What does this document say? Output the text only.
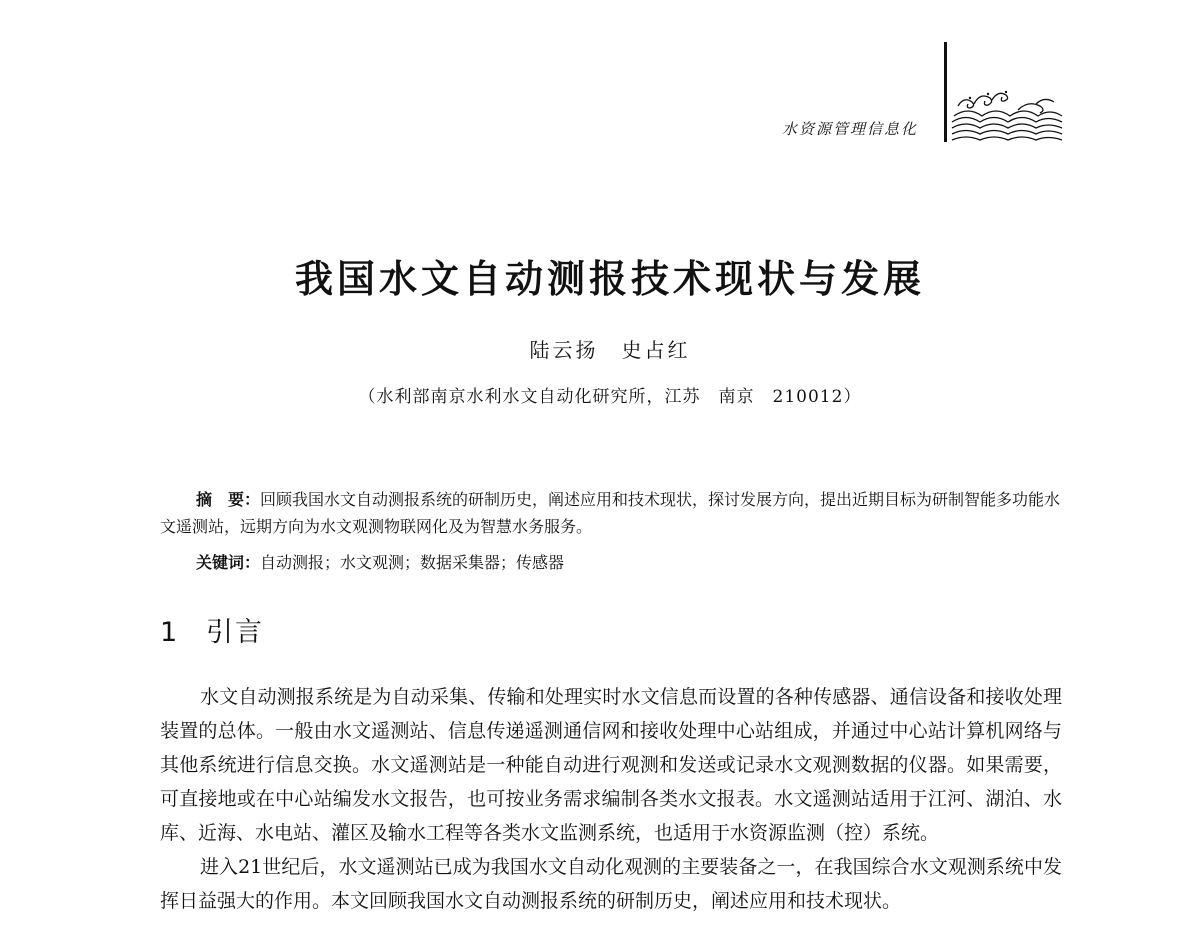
水资源管理信息化
我国水文自动测报技术现状与发展
陆云扬　史占红
（水利部南京水利水文自动化研究所，江苏　南京　210012）
摘　要：回顾我国水文自动测报系统的研制历史，阐述应用和技术现状，探讨发展方向，提出近期目标为研制智能多功能水文遥测站，远期方向为水文观测物联网化及为智慧水务服务。
关键词：自动测报；水文观测；数据采集器；传感器
1 引言

水文自动测报系统是为自动采集、传输和处理实时水文信息而设置的各种传感器、通信设备和接收处理装置的总体。一般由水文遥测站、信息传递遥测通信网和接收处理中心站组成，并通过中心站计算机网络与其他系统进行信息交换。水文遥测站是一种能自动进行观测和发送或记录水文观测数据的仪器。如果需要，可直接地或在中心站编发水文报告，也可按业务需求编制各类水文报表。水文遥测站适用于江河、湖泊、水库、近海、水电站、灌区及输水工程等各类水文监测系统，也适用于水资源监测（控）系统。

进入21世纪后，水文遥测站已成为我国水文自动化观测的主要装备之一，在我国综合水文观测系统中发挥日益强大的作用。本文回顾我国水文自动测报系统的研制历史，阐述应用和技术现状。
